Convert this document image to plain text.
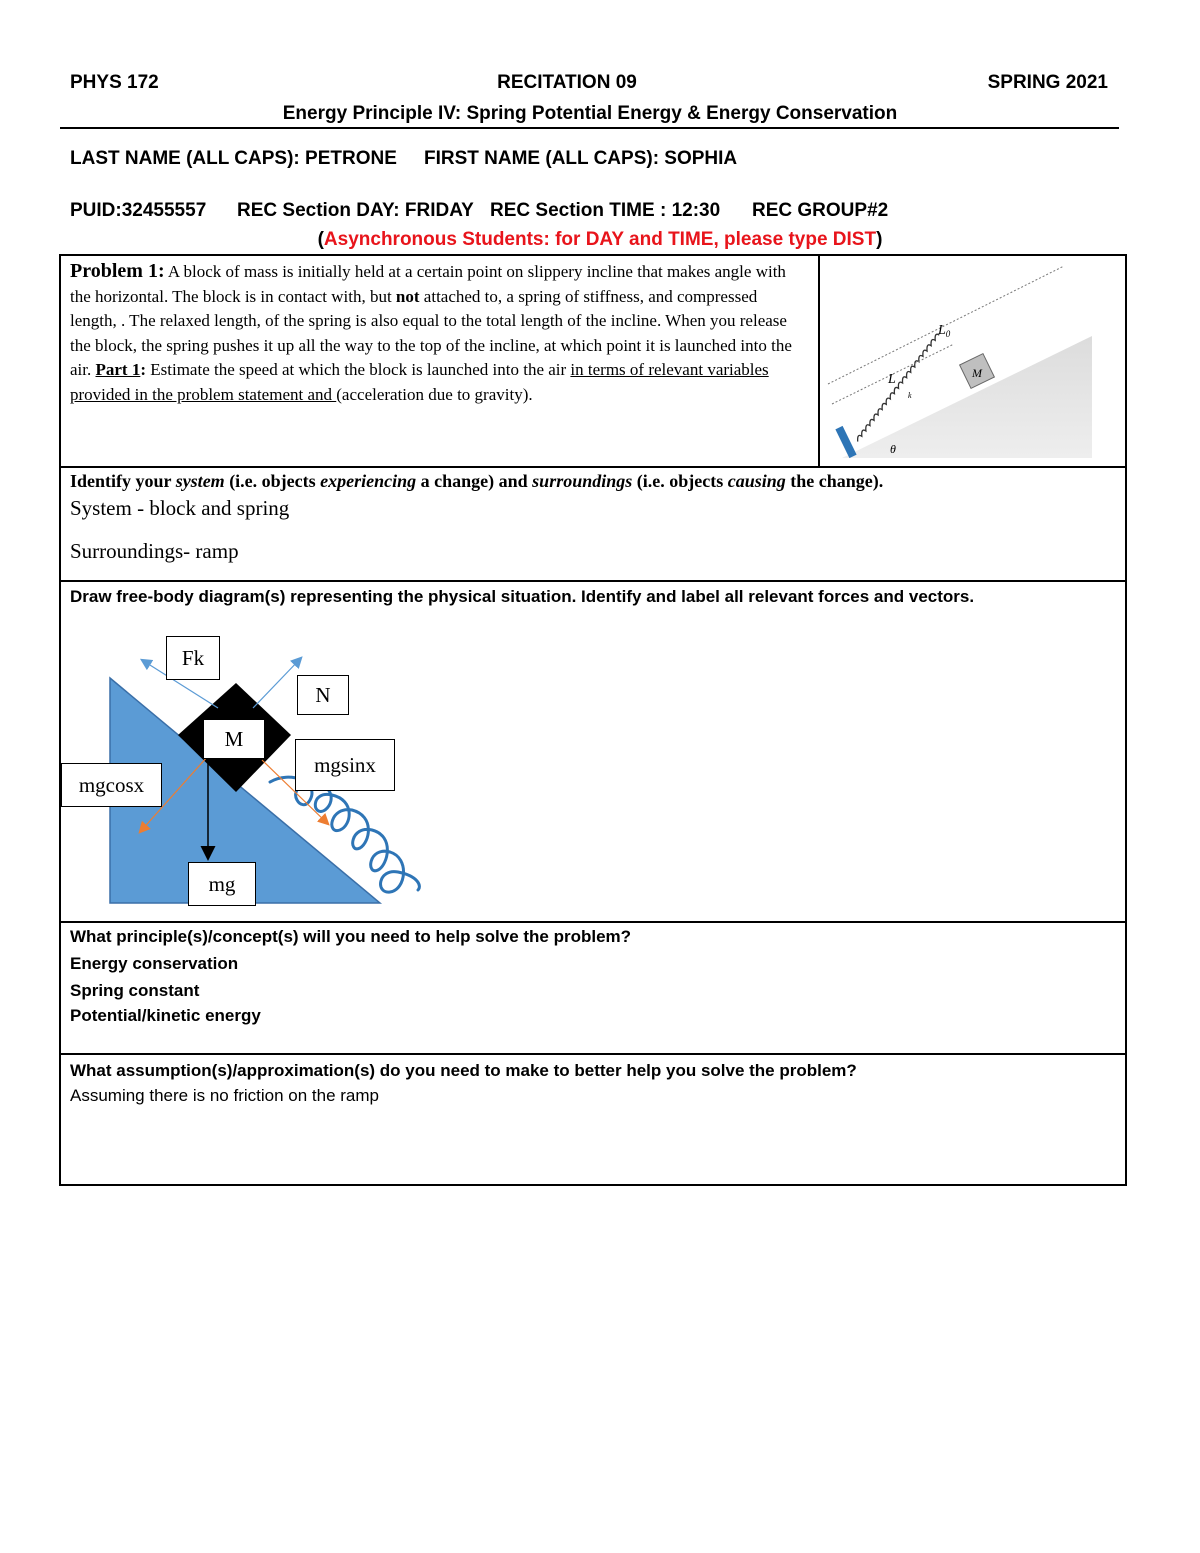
PHYS 172	RECITATION 09	SPRING 2021
Energy Principle IV: Spring Potential Energy & Energy Conservation
LAST NAME (ALL CAPS): PETRONE FIRST NAME (ALL CAPS): SOPHIA
PUID:32455557 REC Section DAY: FRIDAY REC Section TIME : 12:30 REC GROUP#2
(Asynchronous Students: for DAY and TIME, please type DIST)
Problem 1: A block of mass is initially held at a certain point on slippery incline that makes angle with the horizontal. The block is in contact with, but not attached to, a spring of stiffness, and compressed length, . The relaxed length, of the spring is also equal to the total length of the incline. When you release the block, the spring pushes it up all the way to the top of the incline, at which point it is launched into the air. Part 1: Estimate the speed at which the block is launched into the air in terms of relevant variables provided in the problem statement and (acceleration due to gravity).
M
$L_0$
L
k
θ
Identify your system (i.e. objects experiencing a change) and surroundings (i.e. objects causing the change).
System - block and spring
Surroundings- ramp
Draw free-body diagram(s) representing the physical situation. Identify and label all relevant forces and vectors.
Fk
N
M
mgsinx
mgcosx
mg
What principle(s)/concept(s) will you need to help solve the problem?
Energy conservation
Spring constant
Potential/kinetic energy
What assumption(s)/approximation(s) do you need to make to better help you solve the problem?
Assuming there is no friction on the ramp
